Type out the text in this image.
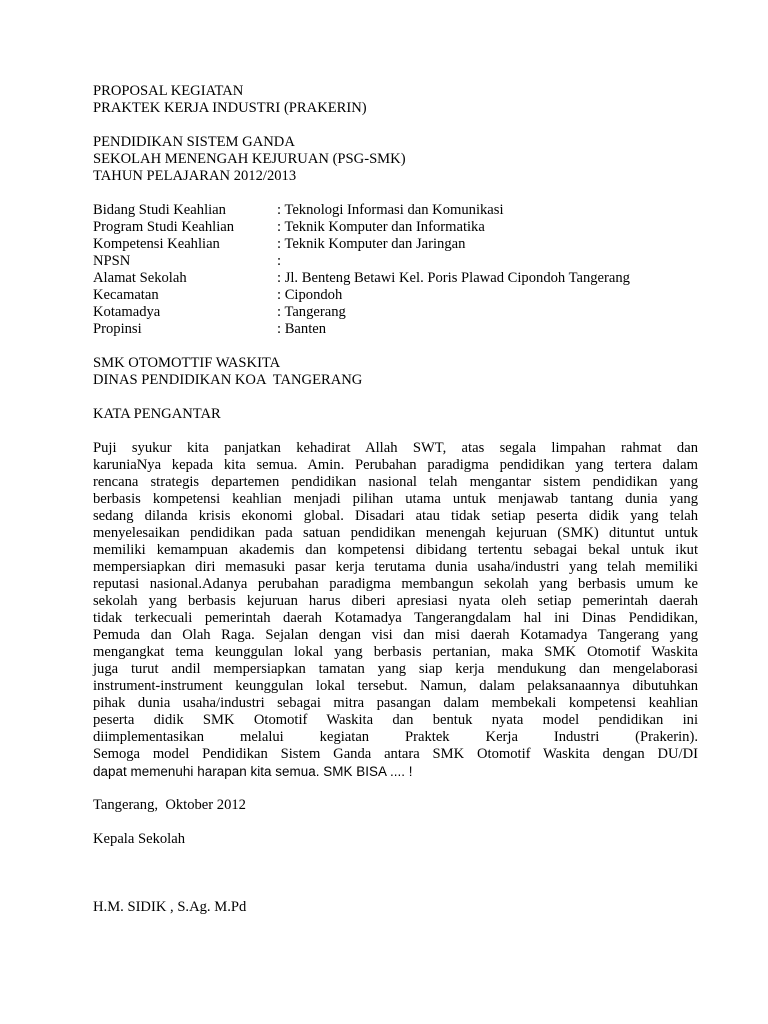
PROPOSAL KEGIATAN
PRAKTEK KERJA INDUSTRI (PRAKERIN)
PENDIDIKAN SISTEM GANDA
SEKOLAH MENENGAH KEJURUAN (PSG-SMK)
TAHUN PELAJARAN 2012/2013
Bidang Studi Keahlian	: Teknologi Informasi dan Komunikasi
Program Studi Keahlian	: Teknik Komputer dan Informatika
Kompetensi Keahlian	: Teknik Komputer dan Jaringan
NPSN	:
Alamat Sekolah	: Jl. Benteng Betawi Kel. Poris Plawad Cipondoh Tangerang
Kecamatan	: Cipondoh
Kotamadya	: Tangerang
Propinsi	: Banten
SMK OTOMOTTIF WASKITA
DINAS PENDIDIKAN KOA  TANGERANG
KATA PENGANTAR
Puji syukur kita panjatkan kehadirat Allah SWT, atas segala limpahan rahmat dan
karuniaNya kepada kita semua. Amin. Perubahan paradigma pendidikan yang tertera dalam
rencana strategis departemen pendidikan nasional telah mengantar sistem pendidikan yang
berbasis kompetensi keahlian menjadi pilihan utama untuk menjawab tantang dunia yang
sedang dilanda krisis ekonomi global. Disadari atau tidak setiap peserta didik yang telah
menyelesaikan pendidikan pada satuan pendidikan menengah kejuruan (SMK) dituntut untuk
memiliki kemampuan akademis dan kompetensi dibidang tertentu sebagai bekal untuk ikut
mempersiapkan diri memasuki pasar kerja terutama dunia usaha/industri yang telah memiliki
reputasi nasional.Adanya perubahan paradigma membangun sekolah yang berbasis umum ke
sekolah yang berbasis kejuruan harus diberi apresiasi nyata oleh setiap pemerintah daerah
tidak terkecuali pemerintah daerah Kotamadya Tangerangdalam hal ini Dinas Pendidikan,
Pemuda dan Olah Raga. Sejalan dengan visi dan misi daerah Kotamadya Tangerang yang
mengangkat tema keunggulan lokal yang berbasis pertanian, maka SMK Otomotif Waskita
juga turut andil mempersiapkan tamatan yang siap kerja mendukung dan mengelaborasi
instrument-instrument keunggulan lokal tersebut. Namun, dalam pelaksanaannya dibutuhkan
pihak dunia usaha/industri sebagai mitra pasangan dalam membekali kompetensi keahlian
peserta didik SMK Otomotif Waskita dan bentuk nyata model pendidikan ini
diimplementasikan melalui kegiatan Praktek Kerja Industri (Prakerin).
Semoga model Pendidikan Sistem Ganda antara SMK Otomotif Waskita dengan DU/DI
dapat memenuhi harapan kita semua. SMK BISA .... !
Tangerang,  Oktober 2012
Kepala Sekolah
H.M. SIDIK , S.Ag. M.Pd
